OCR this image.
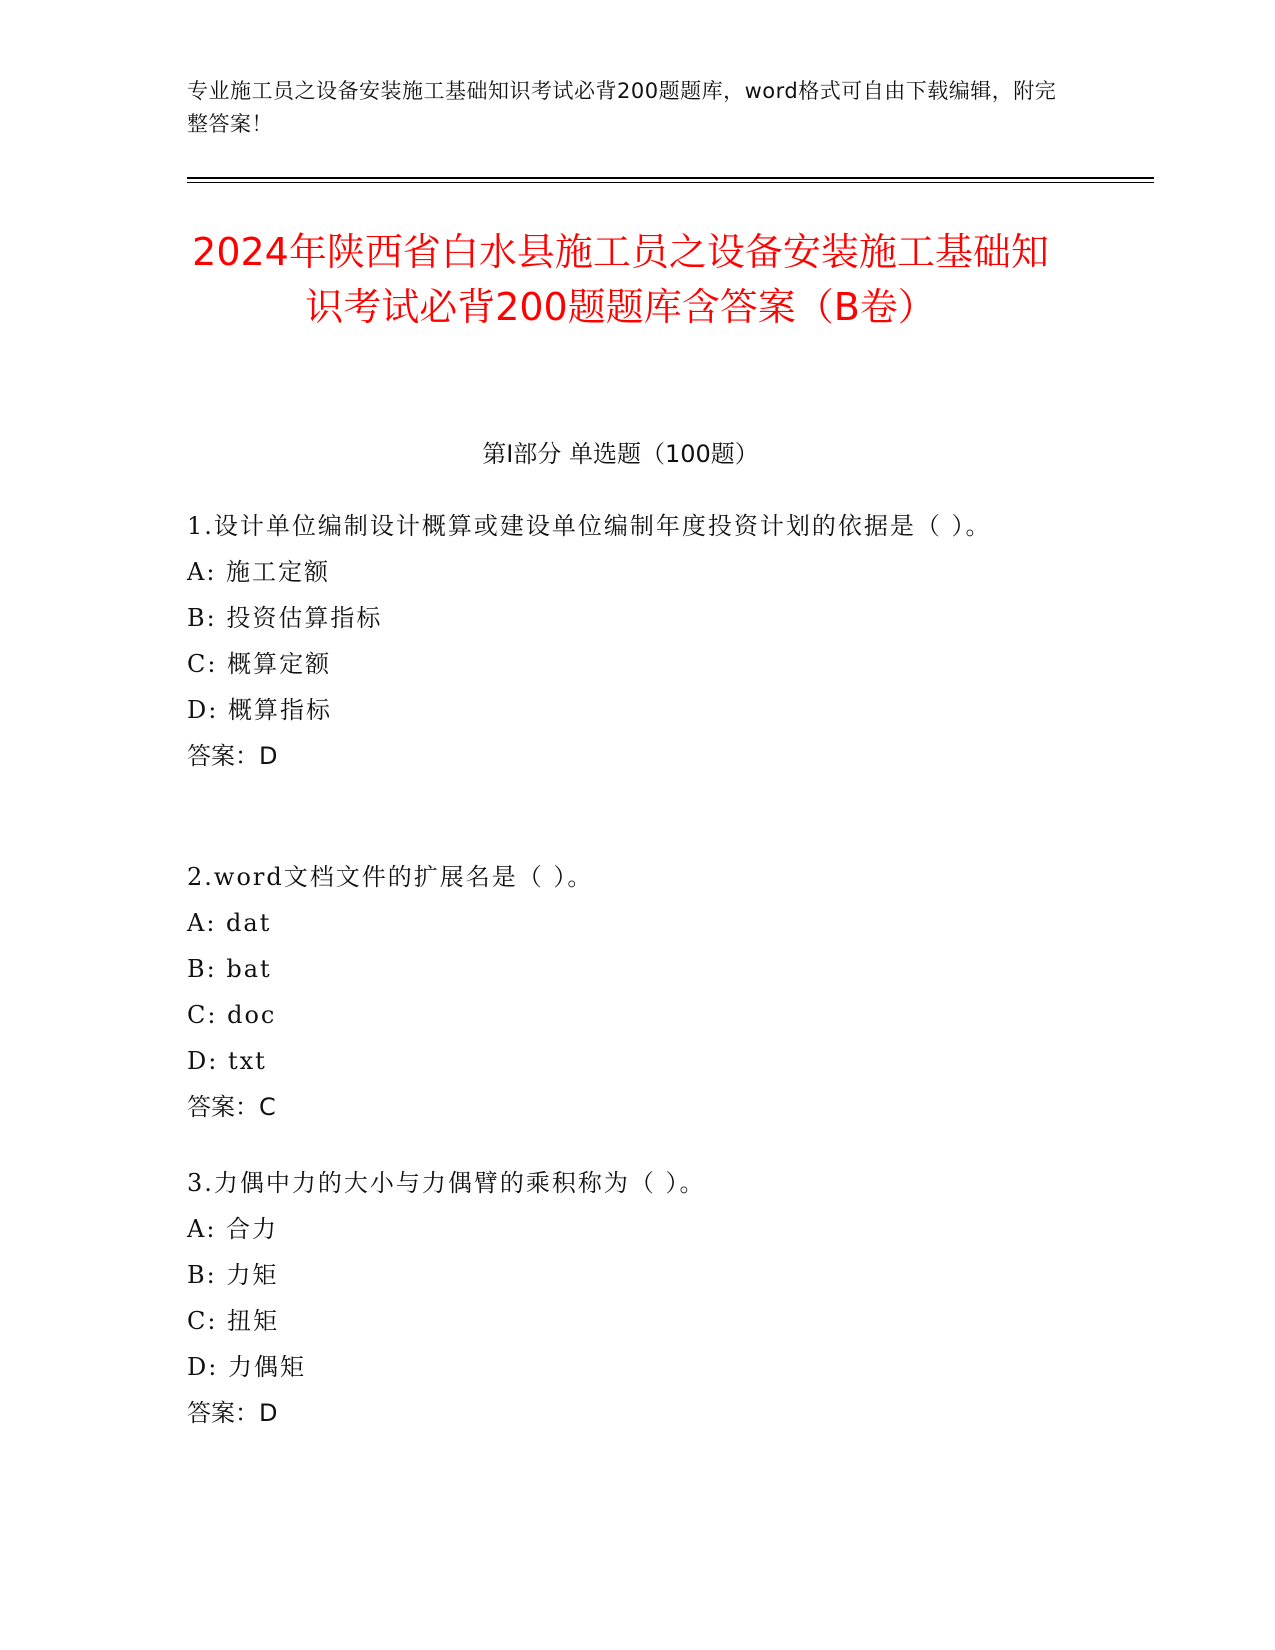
专业施工员之设备安装施工基础知识考试必背200题题库，word格式可自由下载编辑，附完整答案！
2024年陕西省白水县施工员之设备安装施工基础知识考试必背200题题库含答案（B卷）
第I部分 单选题（100题）
1.设计单位编制设计概算或建设单位编制年度投资计划的依据是（ ）。
A: 施工定额
B: 投资估算指标
C: 概算定额
D: 概算指标
答案：D
2.word文档文件的扩展名是（ ）。
A: dat
B: bat
C: doc
D: txt
答案：C
3.力偶中力的大小与力偶臂的乘积称为（ ）。
A: 合力
B: 力矩
C: 扭矩
D: 力偶矩
答案：D
